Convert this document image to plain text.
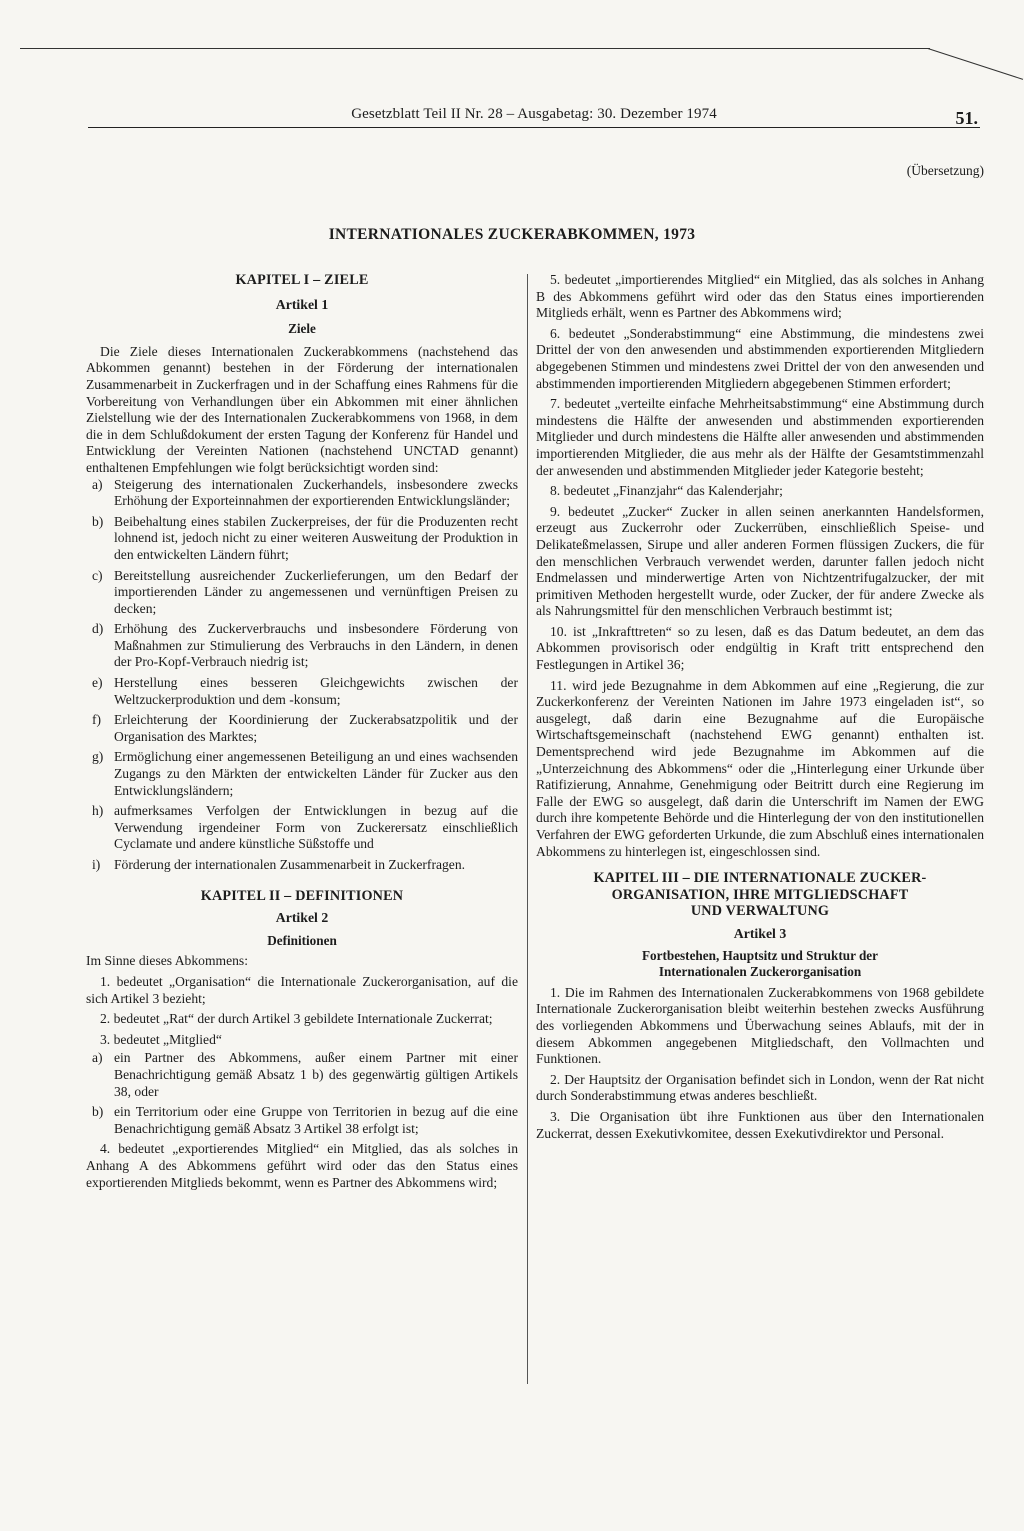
Gesetzblatt Teil II Nr. 28 – Ausgabetag: 30. Dezember 1974	51.
(Übersetzung)
INTERNATIONALES ZUCKERABKOMMEN, 1973
KAPITEL I – ZIELE
Artikel 1
Ziele

Die Ziele dieses Internationalen Zuckerabkommens (nachstehend das Abkommen genannt) bestehen in der Förderung der internationalen Zusammenarbeit in Zuckerfragen und in der Schaffung eines Rahmens für die Vorbereitung von Verhandlungen über ein Abkommen mit einer ähnlichen Zielstellung wie der des Internationalen Zuckerabkommens von 1968, in dem die in dem Schlußdokument der ersten Tagung der Konferenz für Handel und Entwicklung der Vereinten Nationen (nachstehend UNCTAD genannt) enthaltenen Empfehlungen wie folgt berücksichtigt worden sind:

a) Steigerung des internationalen Zuckerhandels, insbesondere zwecks Erhöhung der Exporteinnahmen der exportierenden Entwicklungsländer;
b) Beibehaltung eines stabilen Zuckerpreises, der für die Produzenten recht lohnend ist, jedoch nicht zu einer weiteren Ausweitung der Produktion in den entwickelten Ländern führt;
c) Bereitstellung ausreichender Zuckerlieferungen, um den Bedarf der importierenden Länder zu angemessenen und vernünftigen Preisen zu decken;
d) Erhöhung des Zuckerverbrauchs und insbesondere Förderung von Maßnahmen zur Stimulierung des Verbrauchs in den Ländern, in denen der Pro-Kopf-Verbrauch niedrig ist;
e) Herstellung eines besseren Gleichgewichts zwischen der Weltzuckerproduktion und dem -konsum;
f) Erleichterung der Koordinierung der Zuckerabsatzpolitik und der Organisation des Marktes;
g) Ermöglichung einer angemessenen Beteiligung an und eines wachsenden Zugangs zu den Märkten der entwickelten Länder für Zucker aus den Entwicklungsländern;
h) aufmerksames Verfolgen der Entwicklungen in bezug auf die Verwendung irgendeiner Form von Zuckerersatz einschließlich Cyclamate und andere künstliche Süßstoffe und
i) Förderung der internationalen Zusammenarbeit in Zuckerfragen.
KAPITEL II – DEFINITIONEN
Artikel 2
Definitionen

Im Sinne dieses Abkommens:

1. bedeutet „Organisation“ die Internationale Zuckerorganisation, auf die sich Artikel 3 bezieht;

2. bedeutet „Rat“ der durch Artikel 3 gebildete Internationale Zuckerrat;

3. bedeutet „Mitglied“

a) ein Partner des Abkommens, außer einem Partner mit einer Benachrichtigung gemäß Absatz 1 b) des gegenwärtig gültigen Artikels 38, oder
b) ein Territorium oder eine Gruppe von Territorien in bezug auf die eine Benachrichtigung gemäß Absatz 3 Artikel 38 erfolgt ist;

4. bedeutet „exportierendes Mitglied“ ein Mitglied, das als solches in Anhang A des Abkommens geführt wird oder das den Status eines exportierenden Mitglieds bekommt, wenn es Partner des Abkommens wird;

5. bedeutet „importierendes Mitglied“ ein Mitglied, das als solches in Anhang B des Abkommens geführt wird oder das den Status eines importierenden Mitglieds erhält, wenn es Partner des Abkommens wird;

6. bedeutet „Sonderabstimmung“ eine Abstimmung, die mindestens zwei Drittel der von den anwesenden und abstimmenden exportierenden Mitgliedern abgegebenen Stimmen und mindestens zwei Drittel der von den anwesenden und abstimmenden importierenden Mitgliedern abgegebenen Stimmen erfordert;

7. bedeutet „verteilte einfache Mehrheitsabstimmung“ eine Abstimmung durch mindestens die Hälfte der anwesenden und abstimmenden exportierenden Mitglieder und durch mindestens die Hälfte aller anwesenden und abstimmenden importierenden Mitglieder, die aus mehr als der Hälfte der Gesamtstimmenzahl der anwesenden und abstimmenden Mitglieder jeder Kategorie besteht;

8. bedeutet „Finanzjahr“ das Kalenderjahr;

9. bedeutet „Zucker“ Zucker in allen seinen anerkannten Handelsformen, erzeugt aus Zuckerrohr oder Zuckerrüben, einschließlich Speise- und Delikateßmelassen, Sirupe und aller anderen Formen flüssigen Zuckers, die für den menschlichen Verbrauch verwendet werden, darunter fallen jedoch nicht Endmelassen und minderwertige Arten von Nichtzentrifugalzucker, der mit primitiven Methoden hergestellt wurde, oder Zucker, der für andere Zwecke als als Nahrungsmittel für den menschlichen Verbrauch bestimmt ist;

10. ist „Inkrafttreten“ so zu lesen, daß es das Datum bedeutet, an dem das Abkommen provisorisch oder endgültig in Kraft tritt entsprechend den Festlegungen in Artikel 36;

11. wird jede Bezugnahme in dem Abkommen auf eine „Regierung, die zur Zuckerkonferenz der Vereinten Nationen im Jahre 1973 eingeladen ist“, so ausgelegt, daß darin eine Bezugnahme auf die Europäische Wirtschaftsgemeinschaft (nachstehend EWG genannt) enthalten ist. Dementsprechend wird jede Bezugnahme im Abkommen auf die „Unterzeichnung des Abkommens“ oder die „Hinterlegung einer Urkunde über Ratifizierung, Annahme, Genehmigung oder Beitritt durch eine Regierung im Falle der EWG so ausgelegt, daß darin die Unterschrift im Namen der EWG durch ihre kompetente Behörde und die Hinterlegung der von den institutionellen Verfahren der EWG geforderten Urkunde, die zum Abschluß eines internationalen Abkommens zu hinterlegen ist, eingeschlossen sind.

KAPITEL III – DIE INTERNATIONALE ZUCKER-
ORGANISATION, IHRE MITGLIEDSCHAFT
UND VERWALTUNG
Artikel 3
Fortbestehen, Hauptsitz und Struktur der
Internationalen Zuckerorganisation

1. Die im Rahmen des Internationalen Zuckerabkommens von 1968 gebildete Internationale Zuckerorganisation bleibt weiterhin bestehen zwecks Ausführung des vorliegenden Abkommens und Überwachung seines Ablaufs, mit der in diesem Abkommen angegebenen Mitgliedschaft, den Vollmachten und Funktionen.

2. Der Hauptsitz der Organisation befindet sich in London, wenn der Rat nicht durch Sonderabstimmung etwas anderes beschließt.

3. Die Organisation übt ihre Funktionen aus über den Internationalen Zuckerrat, dessen Exekutivkomitee, dessen Exekutivdirektor und Personal.
